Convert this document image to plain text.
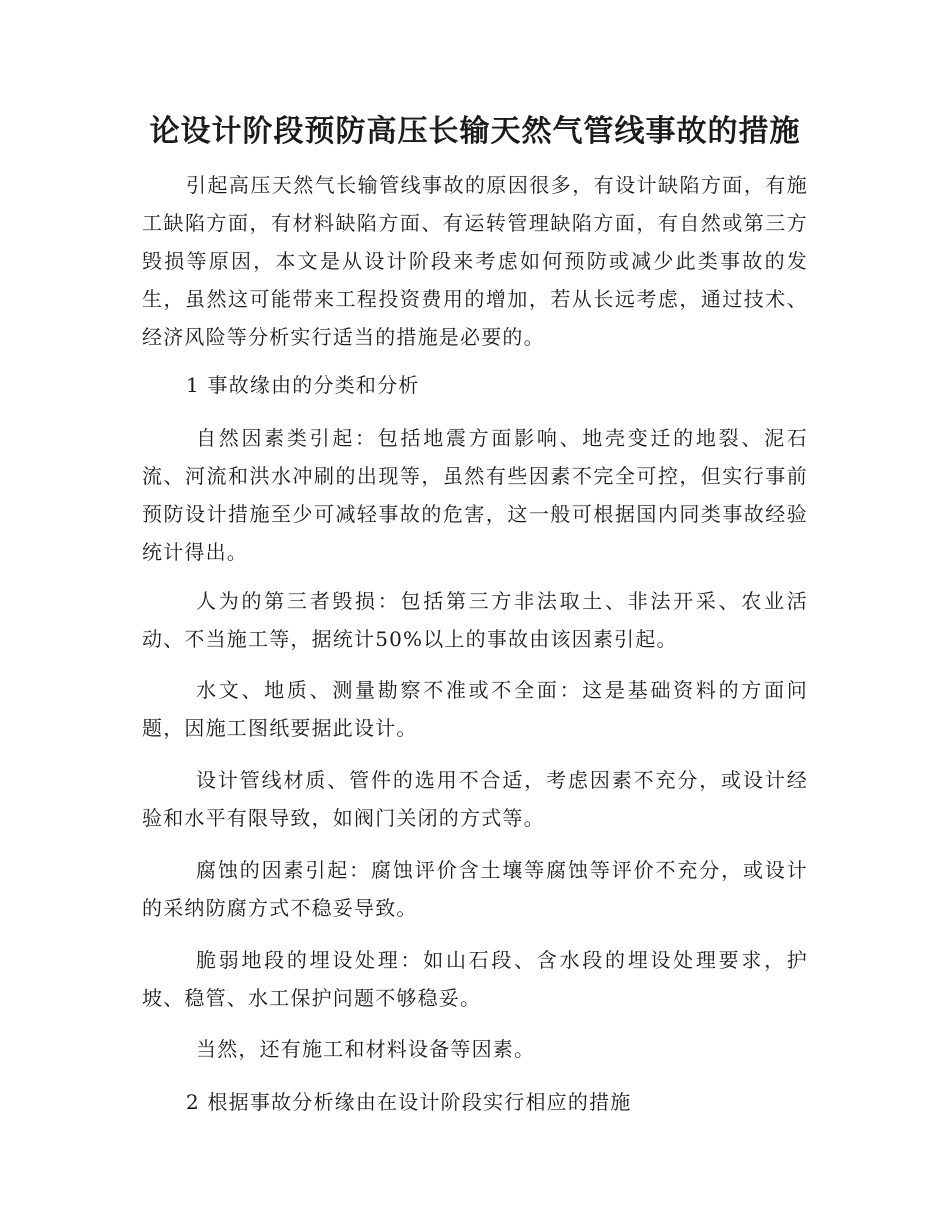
论设计阶段预防高压长输天然气管线事故的措施

引起高压天然气长输管线事故的原因很多，有设计缺陷方面，有施工缺陷方面，有材料缺陷方面、有运转管理缺陷方面，有自然或第三方毁损等原因，本文是从设计阶段来考虑如何预防或减少此类事故的发生，虽然这可能带来工程投资费用的增加，若从长远考虑，通过技术、经济风险等分析实行适当的措施是必要的。

1 事故缘由的分类和分析

自然因素类引起：包括地震方面影响、地壳变迁的地裂、泥石流、河流和洪水冲刷的出现等，虽然有些因素不完全可控，但实行事前预防设计措施至少可减轻事故的危害，这一般可根据国内同类事故经验统计得出。

人为的第三者毁损：包括第三方非法取土、非法开采、农业活动、不当施工等，据统计50%以上的事故由该因素引起。

水文、地质、测量勘察不准或不全面：这是基础资料的方面问题，因施工图纸要据此设计。

设计管线材质、管件的选用不合适，考虑因素不充分，或设计经验和水平有限导致，如阀门关闭的方式等。

腐蚀的因素引起：腐蚀评价含土壤等腐蚀等评价不充分，或设计的采纳防腐方式不稳妥导致。

脆弱地段的埋设处理：如山石段、含水段的埋设处理要求，护坡、稳管、水工保护问题不够稳妥。

当然，还有施工和材料设备等因素。

2 根据事故分析缘由在设计阶段实行相应的措施
